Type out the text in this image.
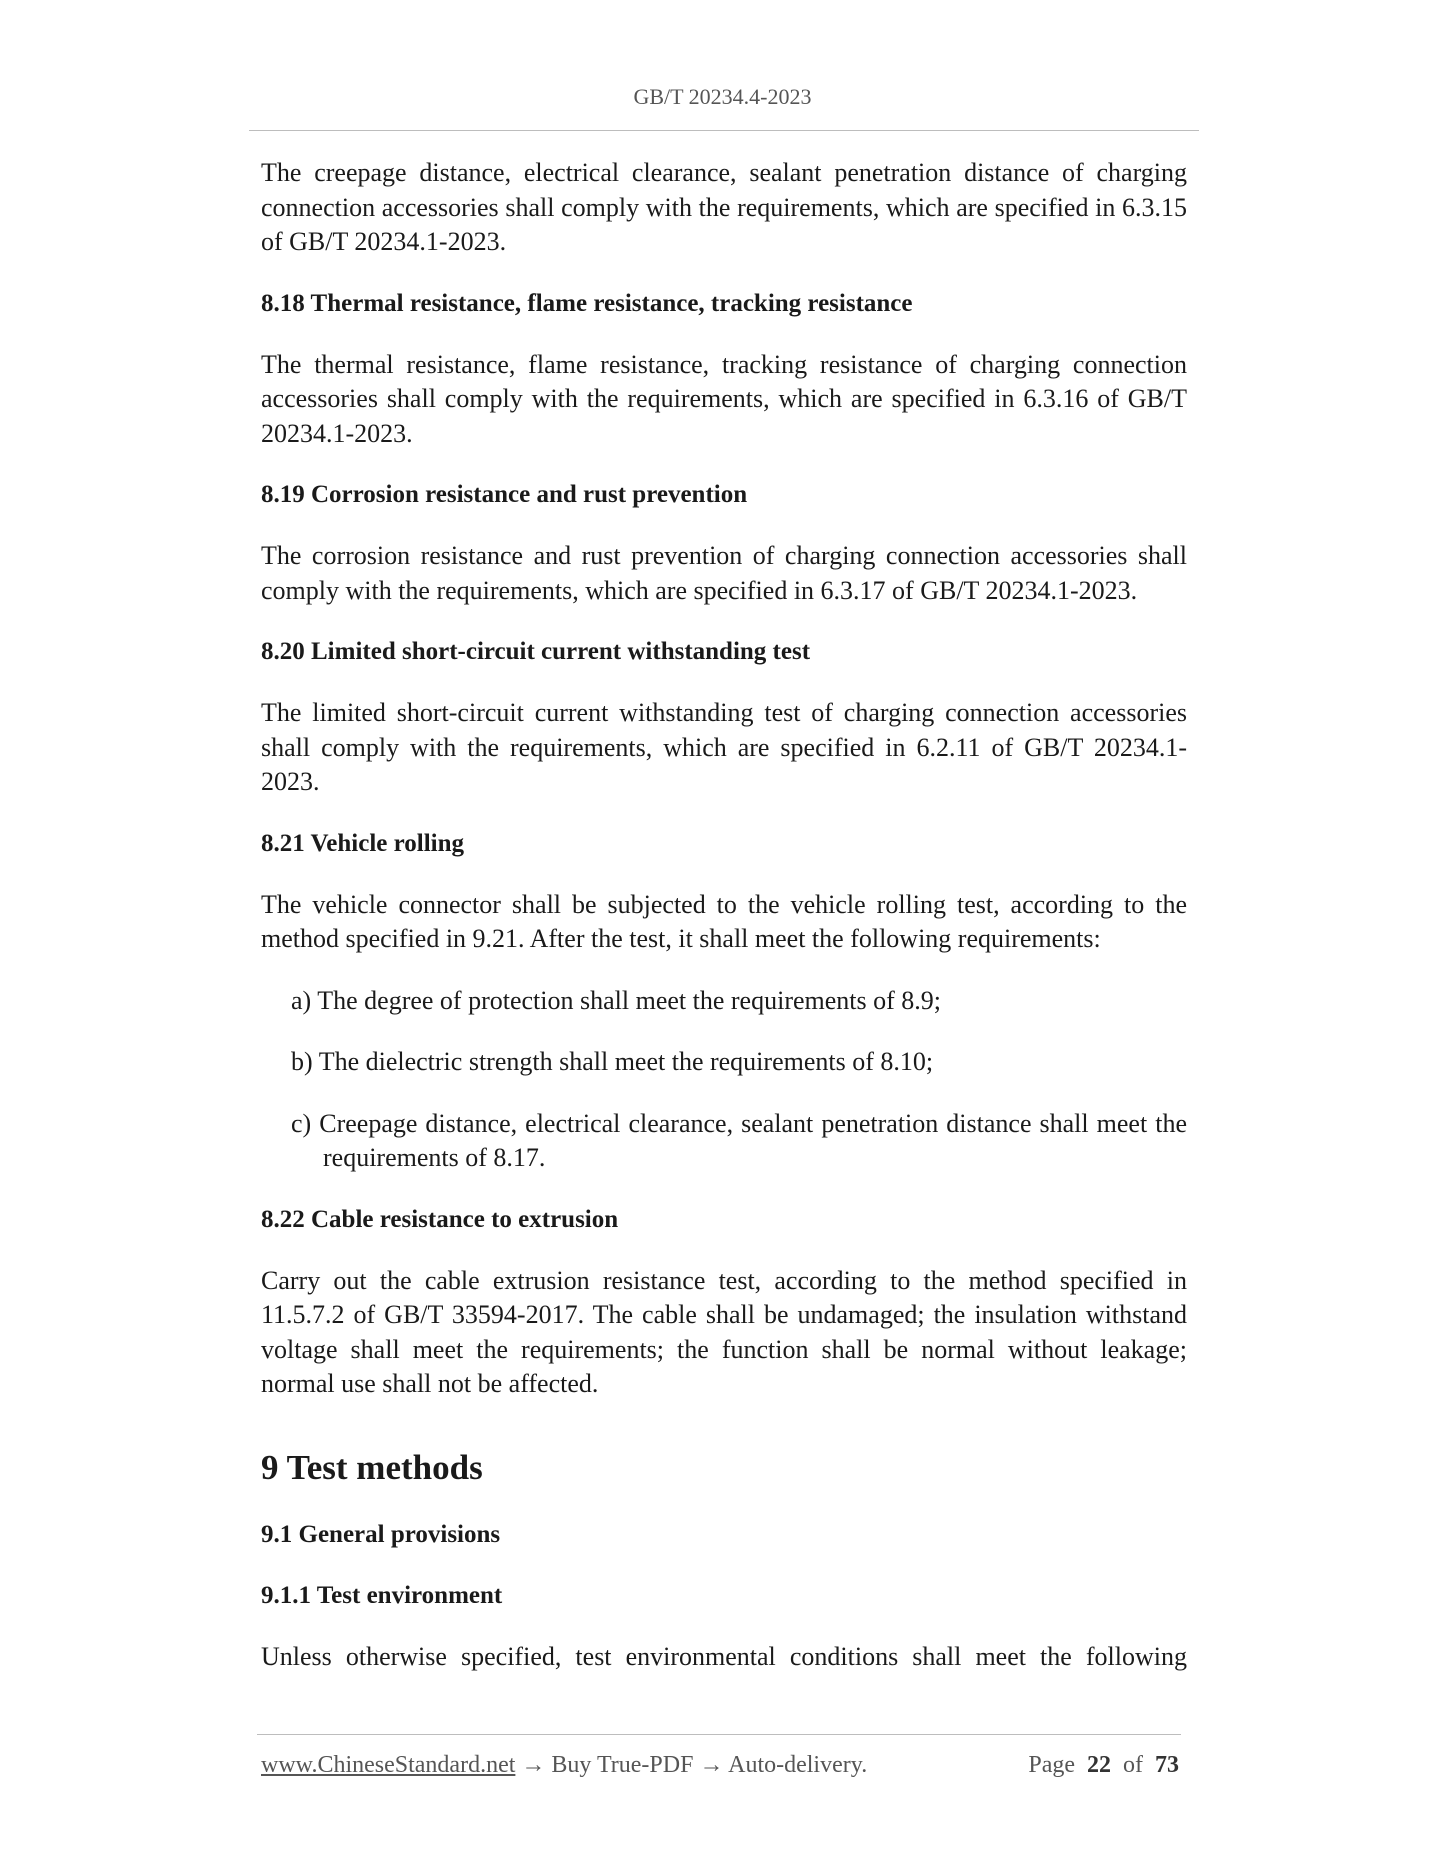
GB/T 20234.4-2023

The creepage distance, electrical clearance, sealant penetration distance of charging connection accessories shall comply with the requirements, which are specified in 6.3.15 of GB/T 20234.1-2023.

8.18 Thermal resistance, flame resistance, tracking resistance

The thermal resistance, flame resistance, tracking resistance of charging connection accessories shall comply with the requirements, which are specified in 6.3.16 of GB/T 20234.1-2023.

8.19 Corrosion resistance and rust prevention

The corrosion resistance and rust prevention of charging connection accessories shall comply with the requirements, which are specified in 6.3.17 of GB/T 20234.1-2023.

8.20 Limited short-circuit current withstanding test

The limited short-circuit current withstanding test of charging connection accessories shall comply with the requirements, which are specified in 6.2.11 of GB/T 20234.1-2023.

8.21 Vehicle rolling

The vehicle connector shall be subjected to the vehicle rolling test, according to the method specified in 9.21. After the test, it shall meet the following requirements:

a) The degree of protection shall meet the requirements of 8.9;
b) The dielectric strength shall meet the requirements of 8.10;
c) Creepage distance, electrical clearance, sealant penetration distance shall meet the requirements of 8.17.
8.22 Cable resistance to extrusion

Carry out the cable extrusion resistance test, according to the method specified in 11.5.7.2 of GB/T 33594-2017. The cable shall be undamaged; the insulation withstand voltage shall meet the requirements; the function shall be normal without leakage; normal use shall not be affected.

9 Test methods
9.1 General provisions
9.1.1 Test environment

Unless otherwise specified, test environmental conditions shall meet the following

www.ChineseStandard.net → Buy True-PDF → Auto-delivery.	Page 22 of 73
